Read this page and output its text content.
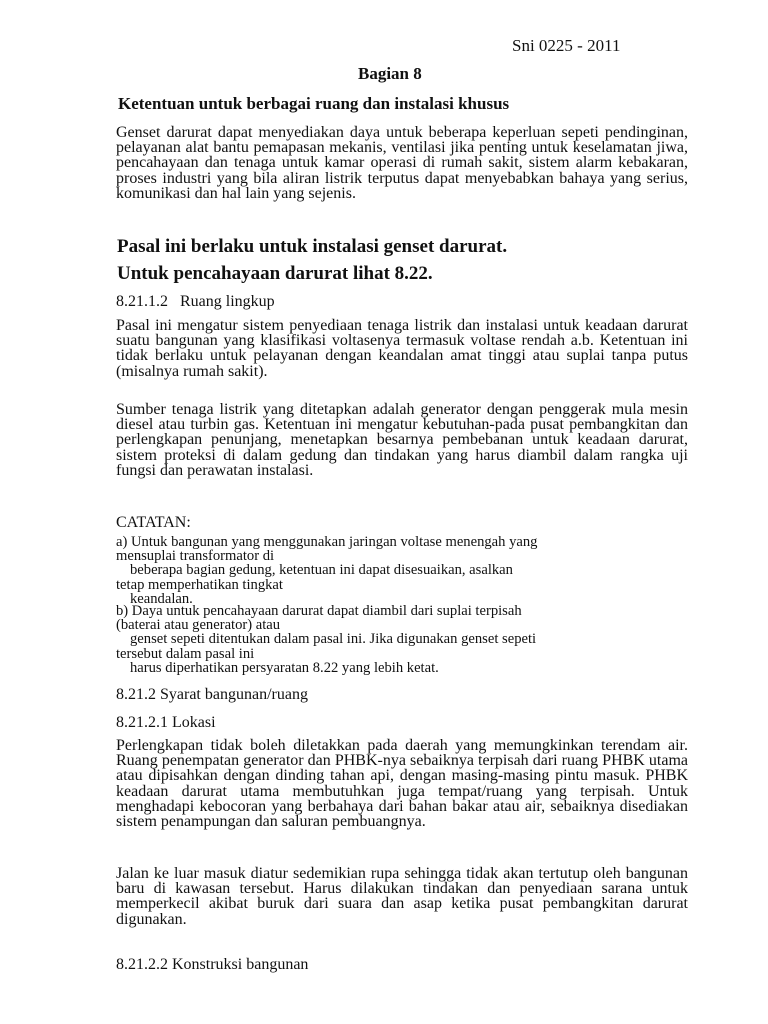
Sni 0225 - 2011

Bagian 8

Ketentuan untuk berbagai ruang dan instalasi khusus

Genset darurat dapat menyediakan daya untuk beberapa keperluan sepeti pendinginan, pelayanan alat bantu pemapasan mekanis, ventilasi jika penting untuk keselamatan jiwa, pencahayaan dan tenaga untuk kamar operasi di rumah sakit, sistem alarm kebakaran, proses industri yang bila aliran listrik terputus dapat menyebabkan bahaya yang serius, komunikasi dan hal lain yang sejenis.

Pasal ini berlaku untuk instalasi genset darurat.

Untuk pencahayaan darurat lihat 8.22.

8.21.1.2   Ruang lingkup

Pasal ini mengatur sistem penyediaan tenaga listrik dan instalasi untuk keadaan darurat suatu bangunan yang klasifikasi voltasenya termasuk voltase rendah a.b. Ketentuan ini tidak berlaku untuk pelayanan dengan keandalan amat tinggi atau suplai tanpa putus (misalnya rumah sakit).

Sumber tenaga listrik yang ditetapkan adalah generator dengan penggerak mula mesin diesel atau turbin gas. Ketentuan ini mengatur kebutuhan-pada pusat pembangkitan dan perlengkapan penunjang, menetapkan besarnya pembebanan untuk keadaan darurat, sistem proteksi di dalam gedung dan tindakan yang harus diambil dalam rangka uji fungsi dan perawatan instalasi.

CATATAN:

a) Untuk bangunan yang menggunakan jaringan voltase menengah yang
mensuplai transformator di
beberapa bagian gedung, ketentuan ini dapat disesuaikan, asalkan
tetap memperhatikan tingkat
keandalan.
b) Daya untuk pencahayaan darurat dapat diambil dari suplai terpisah
(baterai atau generator) atau
genset sepeti ditentukan dalam pasal ini. Jika digunakan genset sepeti
tersebut dalam pasal ini
harus diperhatikan persyaratan 8.22 yang lebih ketat.

8.21.2 Syarat bangunan/ruang

8.21.2.1 Lokasi

Perlengkapan tidak boleh diletakkan pada daerah yang memungkinkan terendam air. Ruang penempatan generator dan PHBK-nya sebaiknya terpisah dari ruang PHBK utama atau dipisahkan dengan dinding tahan api, dengan masing-masing pintu masuk. PHBK keadaan darurat utama membutuhkan juga tempat/ruang yang terpisah. Untuk menghadapi kebocoran yang berbahaya dari bahan bakar atau air, sebaiknya disediakan sistem penampungan dan saluran pembuangnya.

Jalan ke luar masuk diatur sedemikian rupa sehingga tidak akan tertutup oleh bangunan baru di kawasan tersebut. Harus dilakukan tindakan dan penyediaan sarana untuk memperkecil akibat buruk dari suara dan asap ketika pusat pembangkitan darurat digunakan.

8.21.2.2 Konstruksi bangunan
